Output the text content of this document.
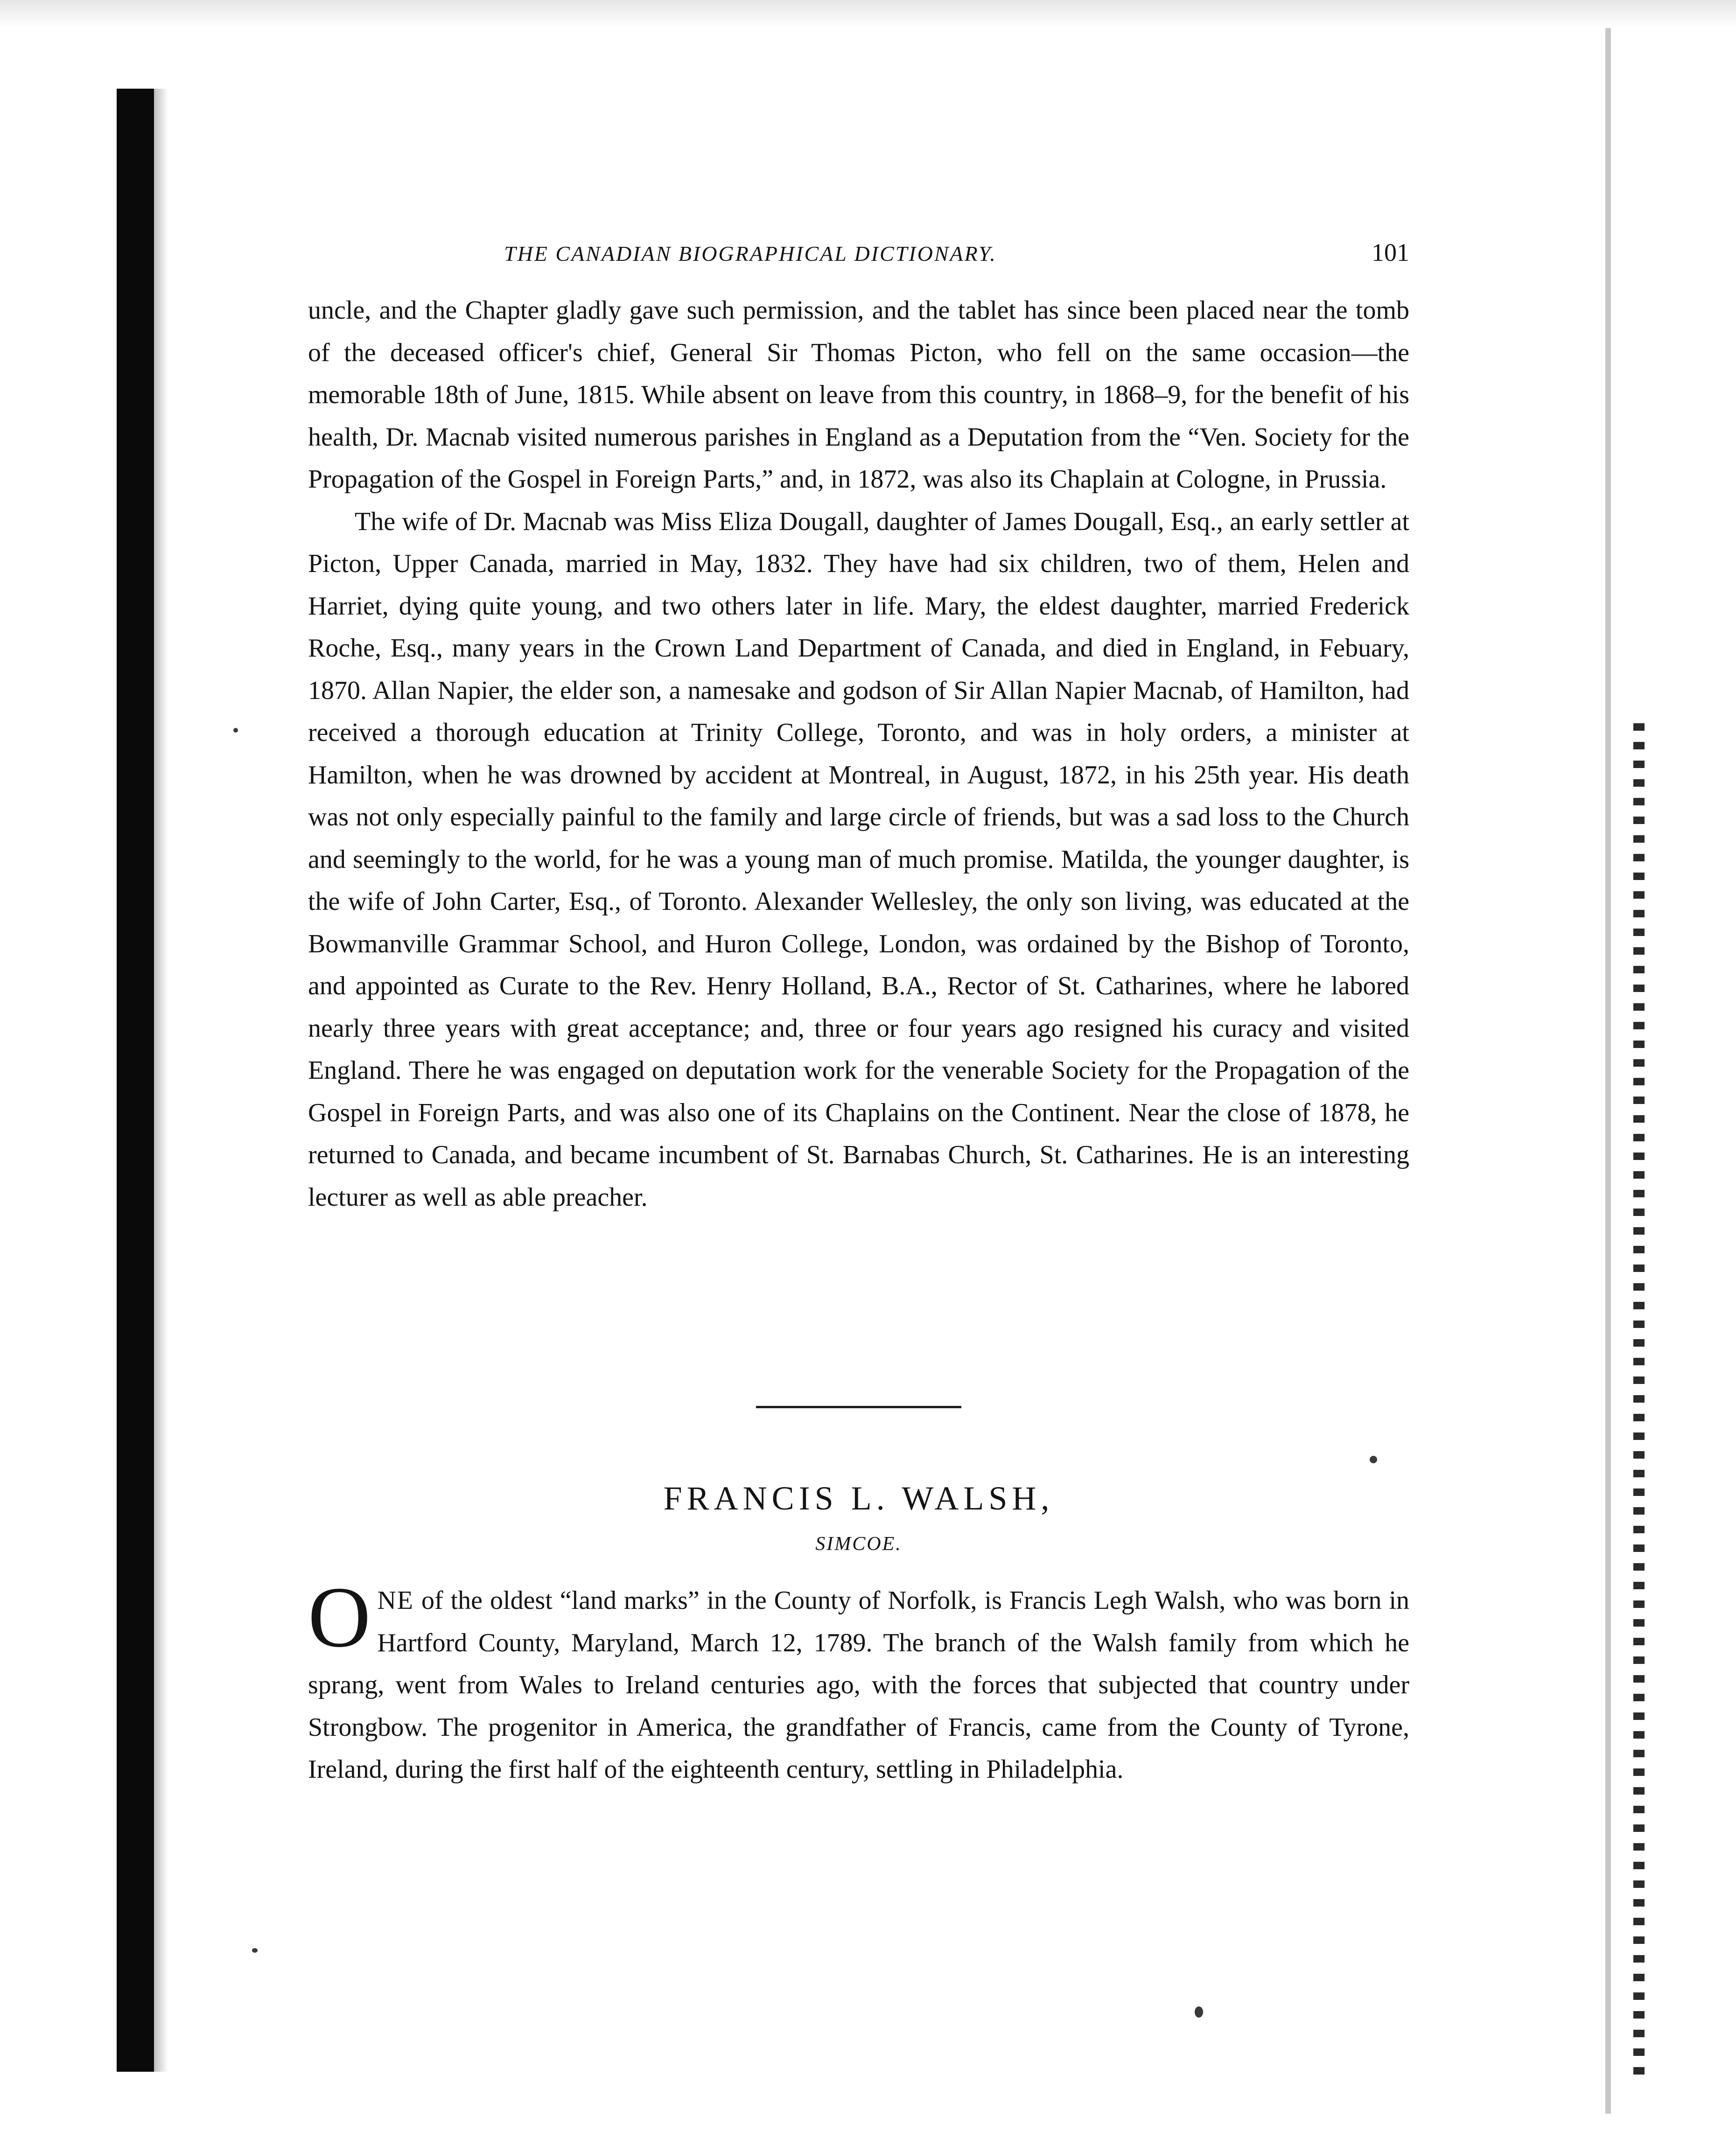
THE CANADIAN BIOGRAPHICAL DICTIONARY.	101

uncle, and the Chapter gladly gave such permission, and the tablet has since been placed near the tomb of the deceased officer's chief, General Sir Thomas Picton, who fell on the same occasion—the memorable 18th of June, 1815. While absent on leave from this country, in 1868–9, for the benefit of his health, Dr. Macnab visited numerous parishes in England as a Deputation from the “Ven. Society for the Propagation of the Gospel in Foreign Parts,” and, in 1872, was also its Chaplain at Cologne, in Prussia.

The wife of Dr. Macnab was Miss Eliza Dougall, daughter of James Dougall, Esq., an early settler at Picton, Upper Canada, married in May, 1832. They have had six children, two of them, Helen and Harriet, dying quite young, and two others later in life. Mary, the eldest daughter, married Frederick Roche, Esq., many years in the Crown Land Department of Canada, and died in England, in Febuary, 1870. Allan Napier, the elder son, a namesake and godson of Sir Allan Napier Macnab, of Hamilton, had received a thorough education at Trinity College, Toronto, and was in holy orders, a minister at Hamilton, when he was drowned by accident at Montreal, in August, 1872, in his 25th year. His death was not only especially painful to the family and large circle of friends, but was a sad loss to the Church and seemingly to the world, for he was a young man of much promise. Matilda, the younger daughter, is the wife of John Carter, Esq., of Toronto. Alexander Wellesley, the only son living, was educated at the Bowmanville Grammar School, and Huron College, London, was ordained by the Bishop of Toronto, and appointed as Curate to the Rev. Henry Holland, B.A., Rector of St. Catharines, where he labored nearly three years with great acceptance; and, three or four years ago resigned his curacy and visited England. There he was engaged on deputation work for the venerable Society for the Propagation of the Gospel in Foreign Parts, and was also one of its Chaplains on the Continent. Near the close of 1878, he returned to Canada, and became incumbent of St. Barnabas Church, St. Catharines. He is an interesting lecturer as well as able preacher.

FRANCIS L. WALSH,
SIMCOE.
ONE of the oldest “land marks” in the County of Norfolk, is Francis Legh Walsh, who was born in Hartford County, Maryland, March 12, 1789. The branch of the Walsh family from which he sprang, went from Wales to Ireland centuries ago, with the forces that subjected that country under Strongbow. The progenitor in America, the grandfather of Francis, came from the County of Tyrone, Ireland, during the first half of the eighteenth century, settling in Philadelphia.
